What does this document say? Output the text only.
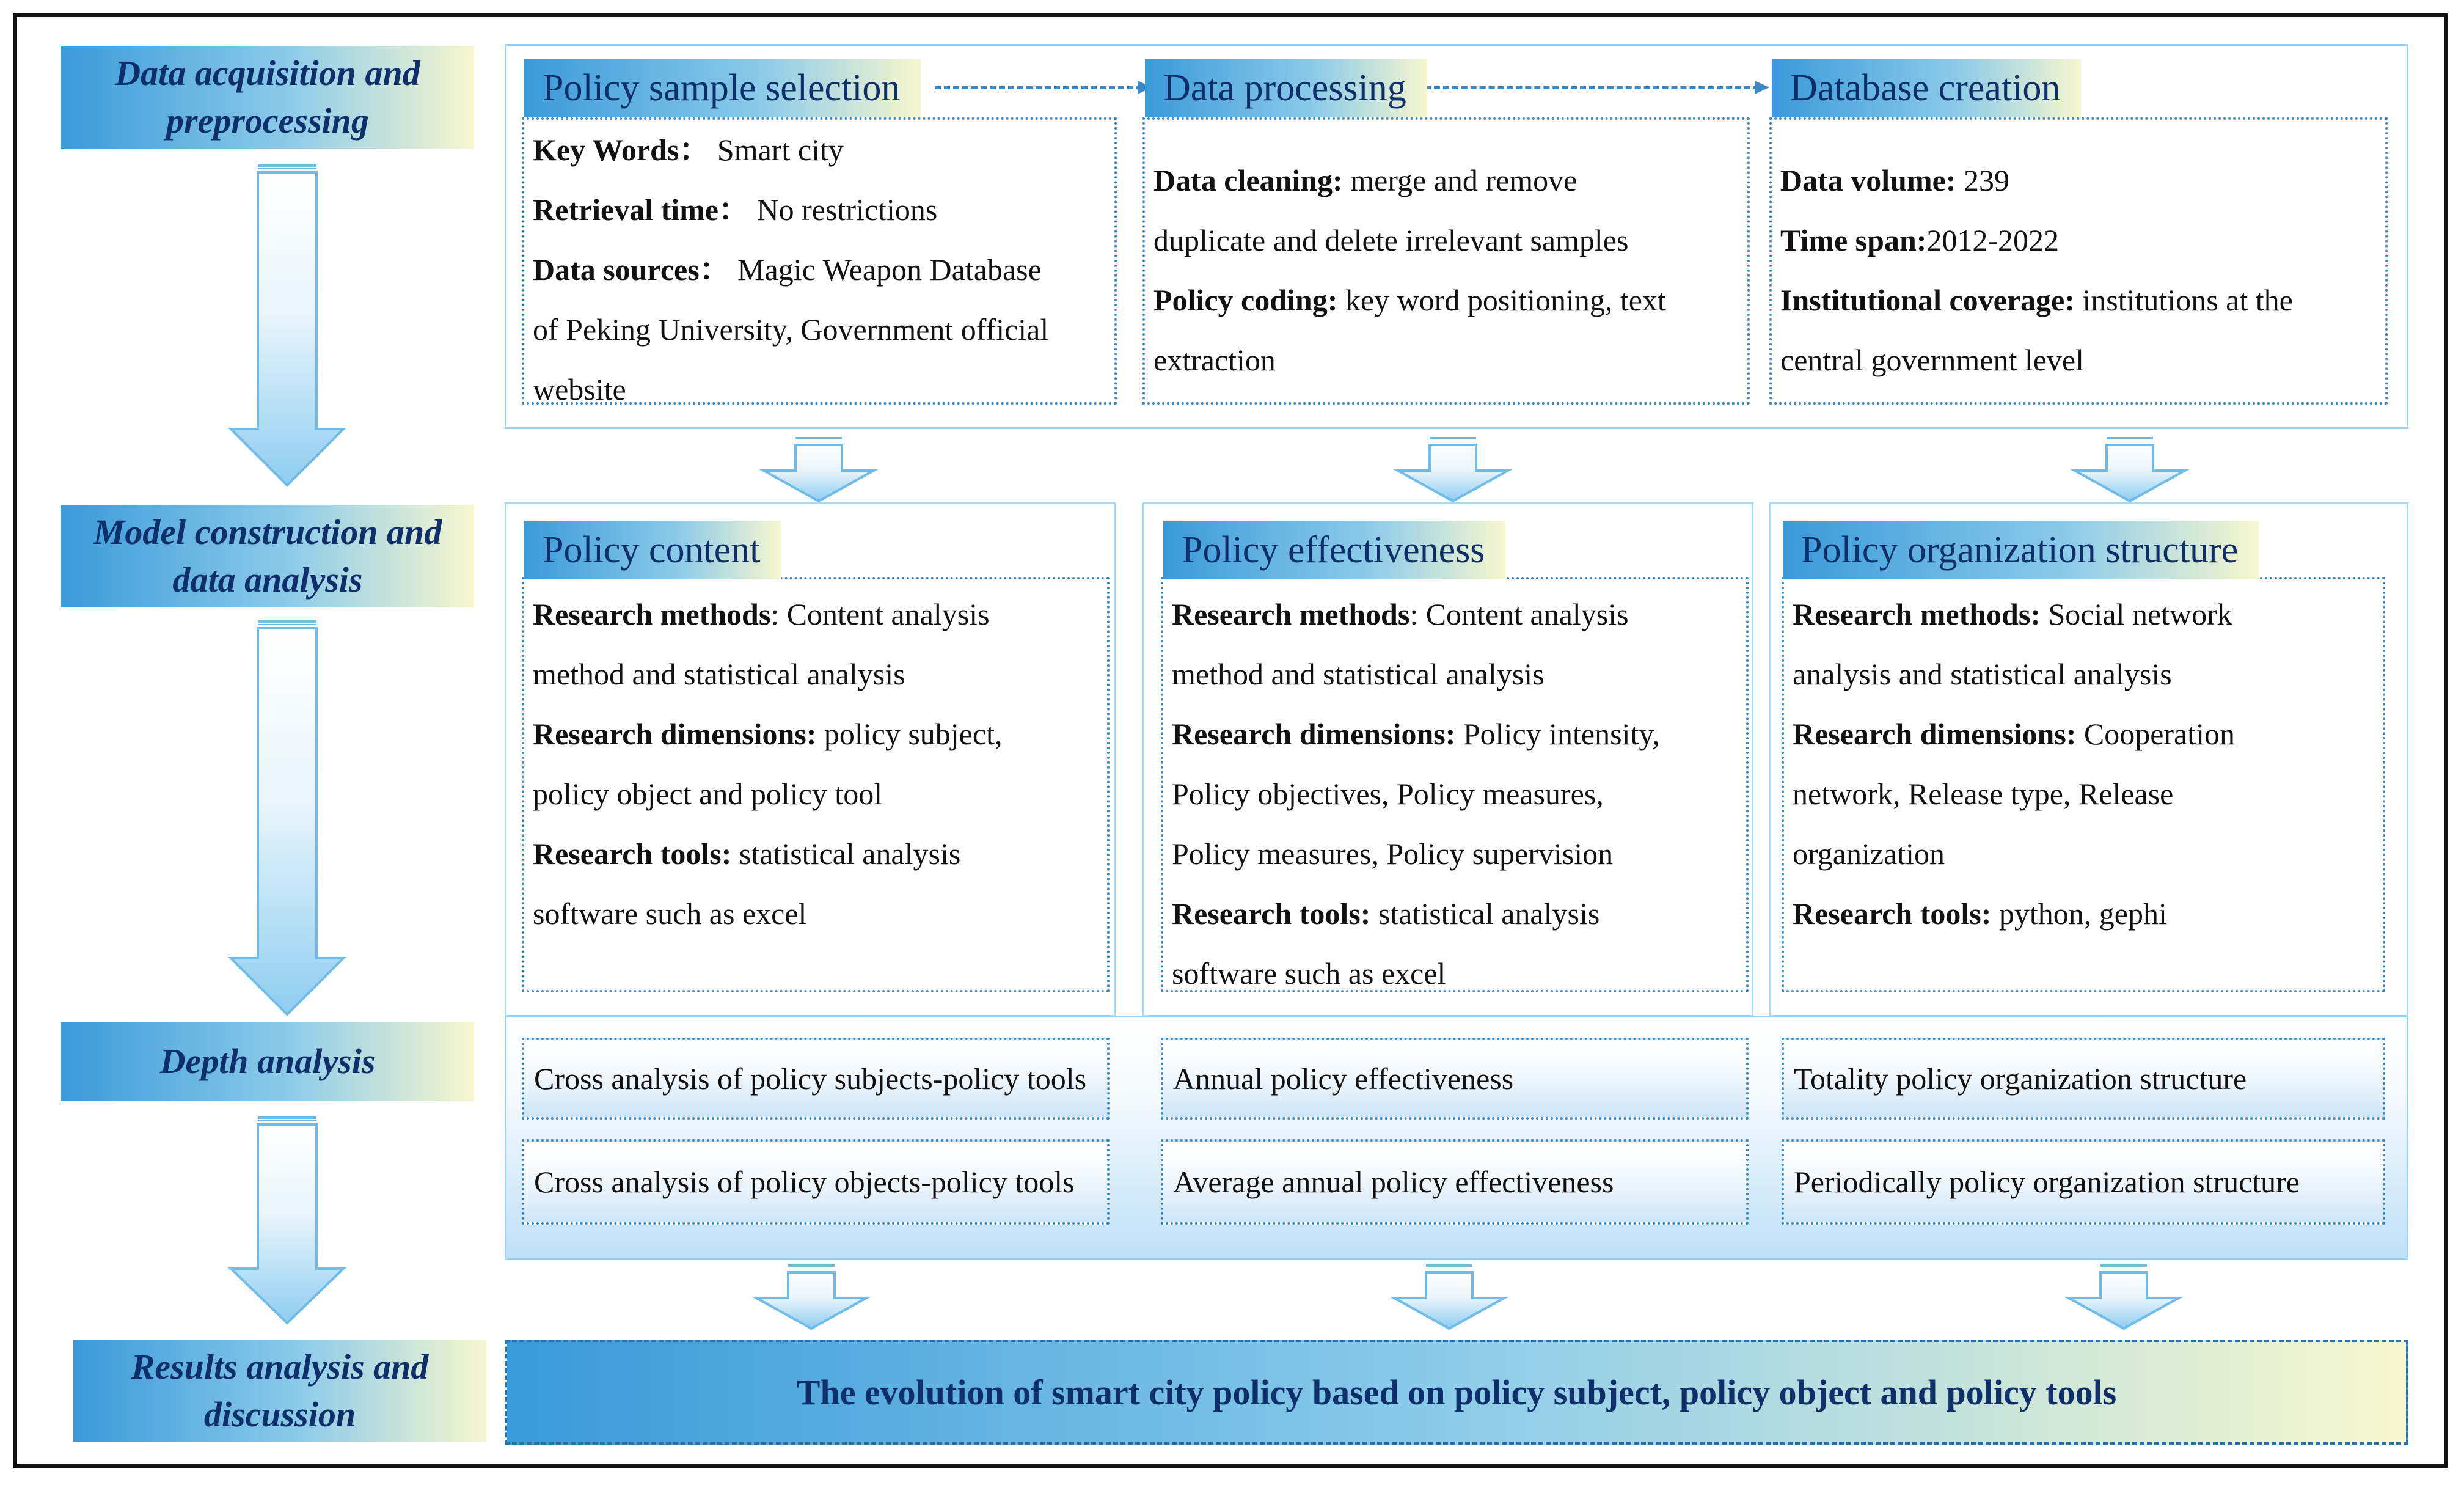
Data acquisition and preprocessing
Model construction and data analysis
Depth analysis
Results analysis and discussion
Policy sample selection
Key Words： Smart city
Retrieval time： No restrictions
Data sources： Magic Weapon Database
of Peking University, Government official
website
Data processing
Data cleaning: merge and remove
duplicate and delete irrelevant samples
Policy coding: key word positioning, text
extraction
Database creation
Data volume: 239
Time span:2012-2022
Institutional coverage: institutions at the
central government level
Policy content
Research methods: Content analysis
method and statistical analysis
Research dimensions: policy subject,
policy object and policy tool
Research tools: statistical analysis
software such as excel
Policy effectiveness
Research methods: Content analysis
method and statistical analysis
Research dimensions: Policy intensity,
Policy objectives, Policy measures,
Policy measures, Policy supervision
Research tools: statistical analysis
software such as excel
Policy organization structure
Research methods: Social network
analysis and statistical analysis
Research dimensions: Cooperation
network, Release type, Release
organization
Research tools: python, gephi
Cross analysis of policy subjects-policy tools
Cross analysis of policy objects-policy tools
Annual policy effectiveness
Average annual policy effectiveness
Totality policy organization structure
Periodically policy organization structure
The evolution of smart city policy based on policy subject, policy object and policy tools
